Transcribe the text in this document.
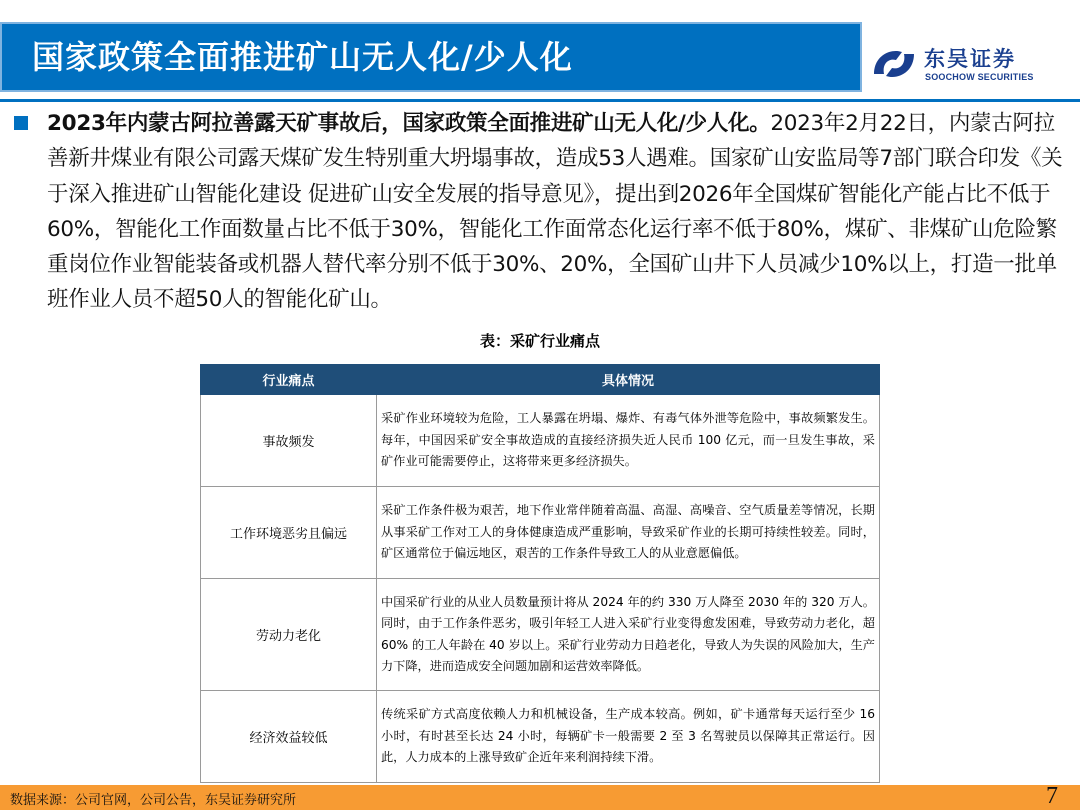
国家政策全面推进矿山无人化/少人化	东吴证券
SOOCHOW SECURITIES
2023年内蒙古阿拉善露天矿事故后，国家政策全面推进矿山无人化/少人化。2023年2月22日，内蒙古阿拉善新井煤业有限公司露天煤矿发生特别重大坍塌事故，造成53人遇难。国家矿山安监局等7部门联合印发《关于深入推进矿山智能化建设 促进矿山安全发展的指导意见》，提出到2026年全国煤矿智能化产能占比不低于60%，智能化工作面数量占比不低于30%，智能化工作面常态化运行率不低于80%，煤矿、非煤矿山危险繁重岗位作业智能装备或机器人替代率分别不低于30%、20%，全国矿山井下人员减少10%以上，打造一批单班作业人员不超50人的智能化矿山。
表：采矿行业痛点
行业痛点	具体情况
事故频发	采矿作业环境较为危险，工人暴露在坍塌、爆炸、有毒气体外泄等危险中，事故频繁发生。每年，中国因采矿安全事故造成的直接经济损失近人民币 100 亿元，而一旦发生事故，采矿作业可能需要停止，这将带来更多经济损失。
工作环境恶劣且偏远	采矿工作条件极为艰苦，地下作业常伴随着高温、高湿、高噪音、空气质量差等情况，长期从事采矿工作对工人的身体健康造成严重影响，导致采矿作业的长期可持续性较差。同时，矿区通常位于偏远地区，艰苦的工作条件导致工人的从业意愿偏低。
劳动力老化	中国采矿行业的从业人员数量预计将从 2024 年的约 330 万人降至 2030 年的 320 万人。同时，由于工作条件恶劣，吸引年轻工人进入采矿行业变得愈发困难，导致劳动力老化，超 60% 的工人年龄在 40 岁以上。采矿行业劳动力日趋老化，导致人为失误的风险加大，生产力下降，进而造成安全问题加剧和运营效率降低。
经济效益较低	传统采矿方式高度依赖人力和机械设备，生产成本较高。例如，矿卡通常每天运行至少 16 小时，有时甚至长达 24 小时，每辆矿卡一般需要 2 至 3 名驾驶员以保障其正常运行。因此，人力成本的上涨导致矿企近年来利润持续下滑。
数据来源：公司官网，公司公告，东吴证券研究所	7
